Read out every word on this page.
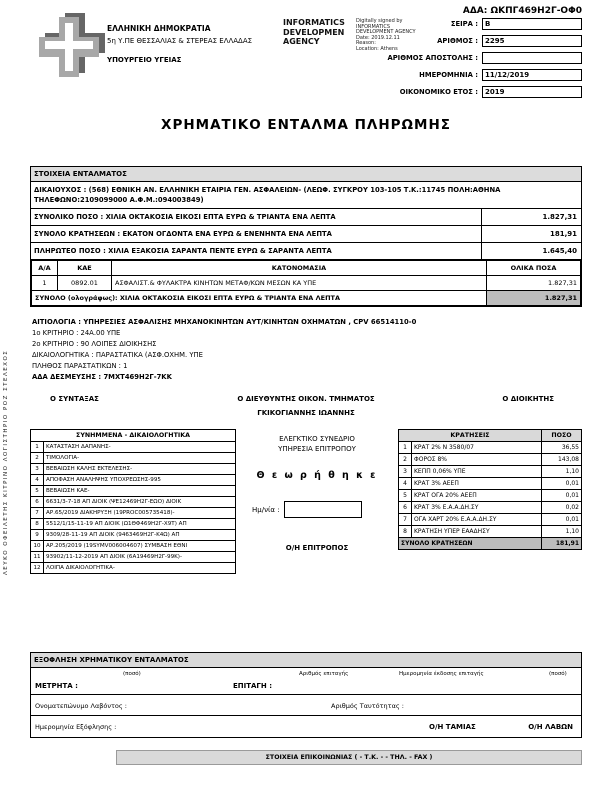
ΑΔΑ: ΩΚΠΓ469Η2Γ-ΟΦ0
ΕΛΛΗΝΙΚΗ ΔΗΜΟΚΡΑΤΙΑ
5η Υ.ΠΕ ΘΕΣΣΑΛΙΑΣ & ΣΤΕΡΕΑΣ ΕΛΛΑΔΑΣ
ΥΠΟΥΡΓΕΙΟ ΥΓΕΙΑΣ
INFORMATICS DEVELOPMEN AGENCY
Digitally signed by
INFORMATICS
DEVELOPMENT AGENCY
Date: 2019.12.11
Reason:
Location: Athens
ΣΕΙΡΑ :	Β
ΑΡΙΘΜΟΣ :	2295
ΑΡΙΘΜΟΣ ΑΠΟΣΤΟΛΗΣ :
ΗΜΕΡΟΜΗΝΙΑ :	11/12/2019
ΟΙΚΟΝΟΜΙΚΟ ΕΤΟΣ :	2019
ΧΡΗΜΑΤΙΚΟ ΕΝΤΑΛΜΑ ΠΛΗΡΩΜΗΣ
ΛΕΥΚΟ ΟΦΕΙΛΕΤΗΣ ΚΙΤΡΙΝΟ ΛΟΓΙΣΤΗΡΙΟ ΡΟΖ ΣΤΕΛΕΧΟΣ
ΣΤΟΙΧΕΙΑ ΕΝΤΑΛΜΑΤΟΣ
ΔΙΚΑΙΟΥΧΟΣ : (568) ΕΘΝΙΚΗ ΑΝ. ΕΛΛΗΝΙΚΗ ΕΤΑΙΡΙΑ ΓΕΝ. ΑΣΦΑΛΕΙΩΝ- (ΛΕΩΦ. ΣΥΓΚΡΟΥ 103-105 Τ.Κ.:11745 ΠΟΛΗ:ΑΘΗΝΑ ΤΗΛΕΦΩΝΟ:2109099000 Α.Φ.Μ.:094003849)
ΣΥΝΟΛΙΚΟ ΠΟΣΟ : ΧΙΛΙΑ ΟΚΤΑΚΟΣΙΑ ΕΙΚΟΣΙ ΕΠΤΑ ΕΥΡΩ & ΤΡΙΑΝΤΑ ΕΝΑ ΛΕΠΤΑ	1.827,31
ΣΥΝΟΛΟ ΚΡΑΤΗΣΕΩΝ : ΕΚΑΤΟΝ ΟΓΔΟΝΤΑ ΕΝΑ ΕΥΡΩ & ΕΝΕΝΗΝΤΑ ΕΝΑ ΛΕΠΤΑ	181,91
ΠΛΗΡΩΤΕΟ ΠΟΣΟ : ΧΙΛΙΑ ΕΞΑΚΟΣΙΑ ΣΑΡΑΝΤΑ ΠΕΝΤΕ ΕΥΡΩ & ΣΑΡΑΝΤΑ ΛΕΠΤΑ	1.645,40
Α/Α	ΚΑΕ	ΚΑΤΟΝΟΜΑΣΙΑ	ΟΛΙΚΑ ΠΟΣΑ
1	0892.01	ΑΣΦΑΛΙΣΤ.& ΦΥΛΑΚΤΡΑ ΚΙΝΗΤΩΝ ΜΕΤΑΦ/ΚΩΝ ΜΕΣΩΝ ΚΑ ΥΠΕ	1.827,31
ΣΥΝΟΛΟ (ολογράφως): ΧΙΛΙΑ ΟΚΤΑΚΟΣΙΑ ΕΙΚΟΣΙ ΕΠΤΑ ΕΥΡΩ & ΤΡΙΑΝΤΑ ΕΝΑ ΛΕΠΤΑ			1.827,31
ΑΙΤΙΟΛΟΓΙΑ : ΥΠΗΡΕΣΙΕΣ ΑΣΦΑΛΙΣΗΣ ΜΗΧΑΝΟΚΙΝΗΤΩΝ ΑΥΤ/ΚΙΝΗΤΩΝ ΟΧΗΜΑΤΩΝ , CPV 66514110-0
1ο ΚΡΙΤΗΡΙΟ : 24Α.00 ΥΠΕ
2ο ΚΡΙΤΗΡΙΟ : 90 ΛΟΙΠΕΣ ΔΙΟΙΚΗΣΗΣ
ΔΙΚΑΙΟΛΟΓΗΤΙΚΑ : ΠΑΡΑΣΤΑΤΙΚΑ (ΑΣΦ.ΟΧΗΜ. ΥΠΕ
ΠΛΗΘΟΣ ΠΑΡΑΣΤΑΤΙΚΩΝ : 1
ΑΔΑ ΔΕΣΜΕΥΣΗΣ : 7ΜΧΤ469Η2Γ-7ΚΚ
Ο ΣΥΝΤΑΞΑΣ	Ο ΔΙΕΥΘΥΝΤΗΣ ΟΙΚΟΝ. ΤΜΗΜΑΤΟΣ	Ο ΔΙΟΙΚΗΤΗΣ
ΓΚΙΚΟΓΙΑΝΝΗΣ ΙΩΑΝΝΗΣ
ΣΥΝΗΜΜΕΝΑ - ΔΙΚΑΙΟΛΟΓΗΤΙΚΑ	
1	ΚΑΤΑΣΤΑΣΗ ΔΑΠΑΝΗΣ-
2	ΤΙΜΟΛΟΓΙΑ-
3	ΒΕΒΑΙΩΣΗ ΚΑΛΗΣ ΕΚΤΕΛΕΣΗΣ-
4	ΑΠΟΦΑΣΗ ΑΝΑΛΗΨΗΣ ΥΠΟΧΡΕΩΣΗΣ-995
5	ΒΕΒΑΙΩΣΗ ΚΑΕ-
6	6631/3-7-18 ΑΠ ΔΙΟΙΚ (ΨΕ12469Η2Γ-ΕΩΟ) ΔΙΟΙΚ
7	ΑΡ.65/2019 ΔΙΑΚΗΡΥΞΗ (19PROC005735418)-
8	5512/1/15-11-19 ΑΠ ΔΙΟΙΚ (Ω1ΘΦ469Η2Γ-Χ9Τ) ΑΠ
9	9309/28-11-19 ΑΠ ΔΙΟΙΚ (9463469Η2Γ-Κ4Ω) ΑΠ
10	ΑΡ.205/2019 (19SYMV006004607) ΣΥΜΒΑΣΗ ΕΘΝΙ
11	93902/11-12-2019 ΑΠ ΔΙΟΙΚ (6Α19469Η2Γ-99Κ)-
12	ΛΟΙΠΑ ΔΙΚΑΙΟΛΟΓΗΤΙΚΑ-
ΕΛΕΓΚΤΙΚΟ ΣΥΝΕΔΡΙΟ
ΥΠΗΡΕΣΙΑ ΕΠΙΤΡΟΠΟΥ
Θ ε ω ρ ή θ η κ ε
Ημ/νία :
Ο/Η ΕΠΙΤΡΟΠΟΣ
ΚΡΑΤΗΣΕΙΣ		ΠΟΣΟ
1	ΚΡΑΤ 2% Ν 3580/07	36,55
2	ΦΟΡΟΣ 8%	143,08
3	ΚΕΠΠ 0,06% ΥΠΕ	1,10
4	ΚΡΑΤ 3% ΑΕΕΠ	0,01
5	ΚΡΑΤ ΟΓΑ 20% ΑΕΕΠ	0,01
6	ΚΡΑΤ 3% Ε.Α.Α.ΔΗ.ΣΥ	0,02
7	ΟΓΑ ΧΑΡΤ 20% Ε.Α.Α.ΔΗ.ΣΥ	0,01
8	ΚΡΑΤΗΣΗ ΥΠΕΡ ΕΑΑΔΗΣΥ	1,10
ΣΥΝΟΛΟ ΚΡΑΤΗΣΕΩΝ		181,91
ΕΞΟΦΛΗΣΗ ΧΡΗΜΑΤΙΚΟΥ ΕΝΤΑΛΜΑΤΟΣ
(ποσό)	Αριθμός επιταγής	Ημερομηνία έκδοσης επιταγής	(ποσό)
ΜΕΤΡΗΤΑ :	ΕΠΙΤΑΓΗ :
Ονοματεπώνυμο Λαβόντος :	Αριθμός Ταυτότητας :
Ημερομηνία Εξόφλησης :	Ο/Η ΤΑΜΙΑΣ	Ο/Η ΛΑΒΩΝ
ΣΤΟΙΧΕΙΑ ΕΠΙΚΟΙΝΩΝΙΑΣ ( - Τ.Κ. - - ΤΗΛ. - FAX )
